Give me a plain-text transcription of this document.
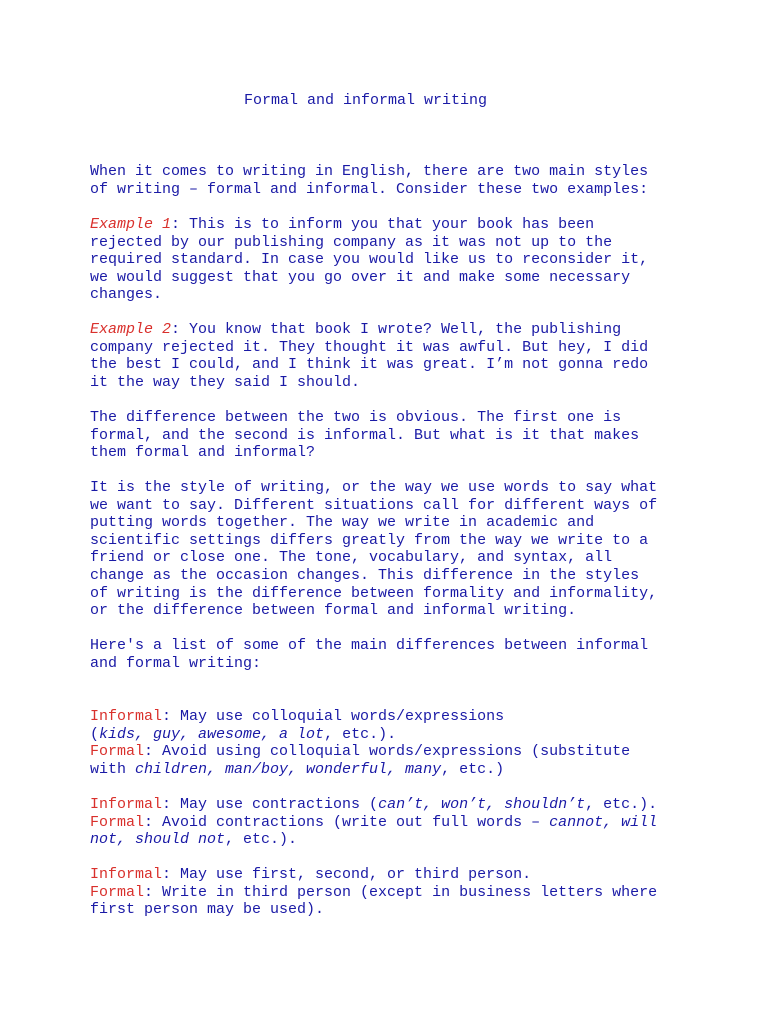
Formal and informal writing
When it comes to writing in English, there are two main styles
of writing – formal and informal. Consider these two examples:
Example 1: This is to inform you that your book has been
rejected by our publishing company as it was not up to the
required standard. In case you would like us to reconsider it,
we would suggest that you go over it and make some necessary
changes.
Example 2: You know that book I wrote? Well, the publishing
company rejected it. They thought it was awful. But hey, I did
the best I could, and I think it was great. I’m not gonna redo
it the way they said I should.
The difference between the two is obvious. The first one is
formal, and the second is informal. But what is it that makes
them formal and informal?
It is the style of writing, or the way we use words to say what
we want to say. Different situations call for different ways of
putting words together. The way we write in academic and
scientific settings differs greatly from the way we write to a
friend or close one. The tone, vocabulary, and syntax, all
change as the occasion changes. This difference in the styles
of writing is the difference between formality and informality,
or the difference between formal and informal writing.
Here's a list of some of the main differences between informal
and formal writing:
Informal: May use colloquial words/expressions
(kids, guy, awesome, a lot, etc.).
Formal: Avoid using colloquial words/expressions (substitute
with children, man/boy, wonderful, many, etc.)
Informal: May use contractions (can’t, won’t, shouldn’t, etc.).
Formal: Avoid contractions (write out full words – cannot, will
not, should not, etc.).
Informal: May use first, second, or third person.
Formal: Write in third person (except in business letters where
first person may be used).
